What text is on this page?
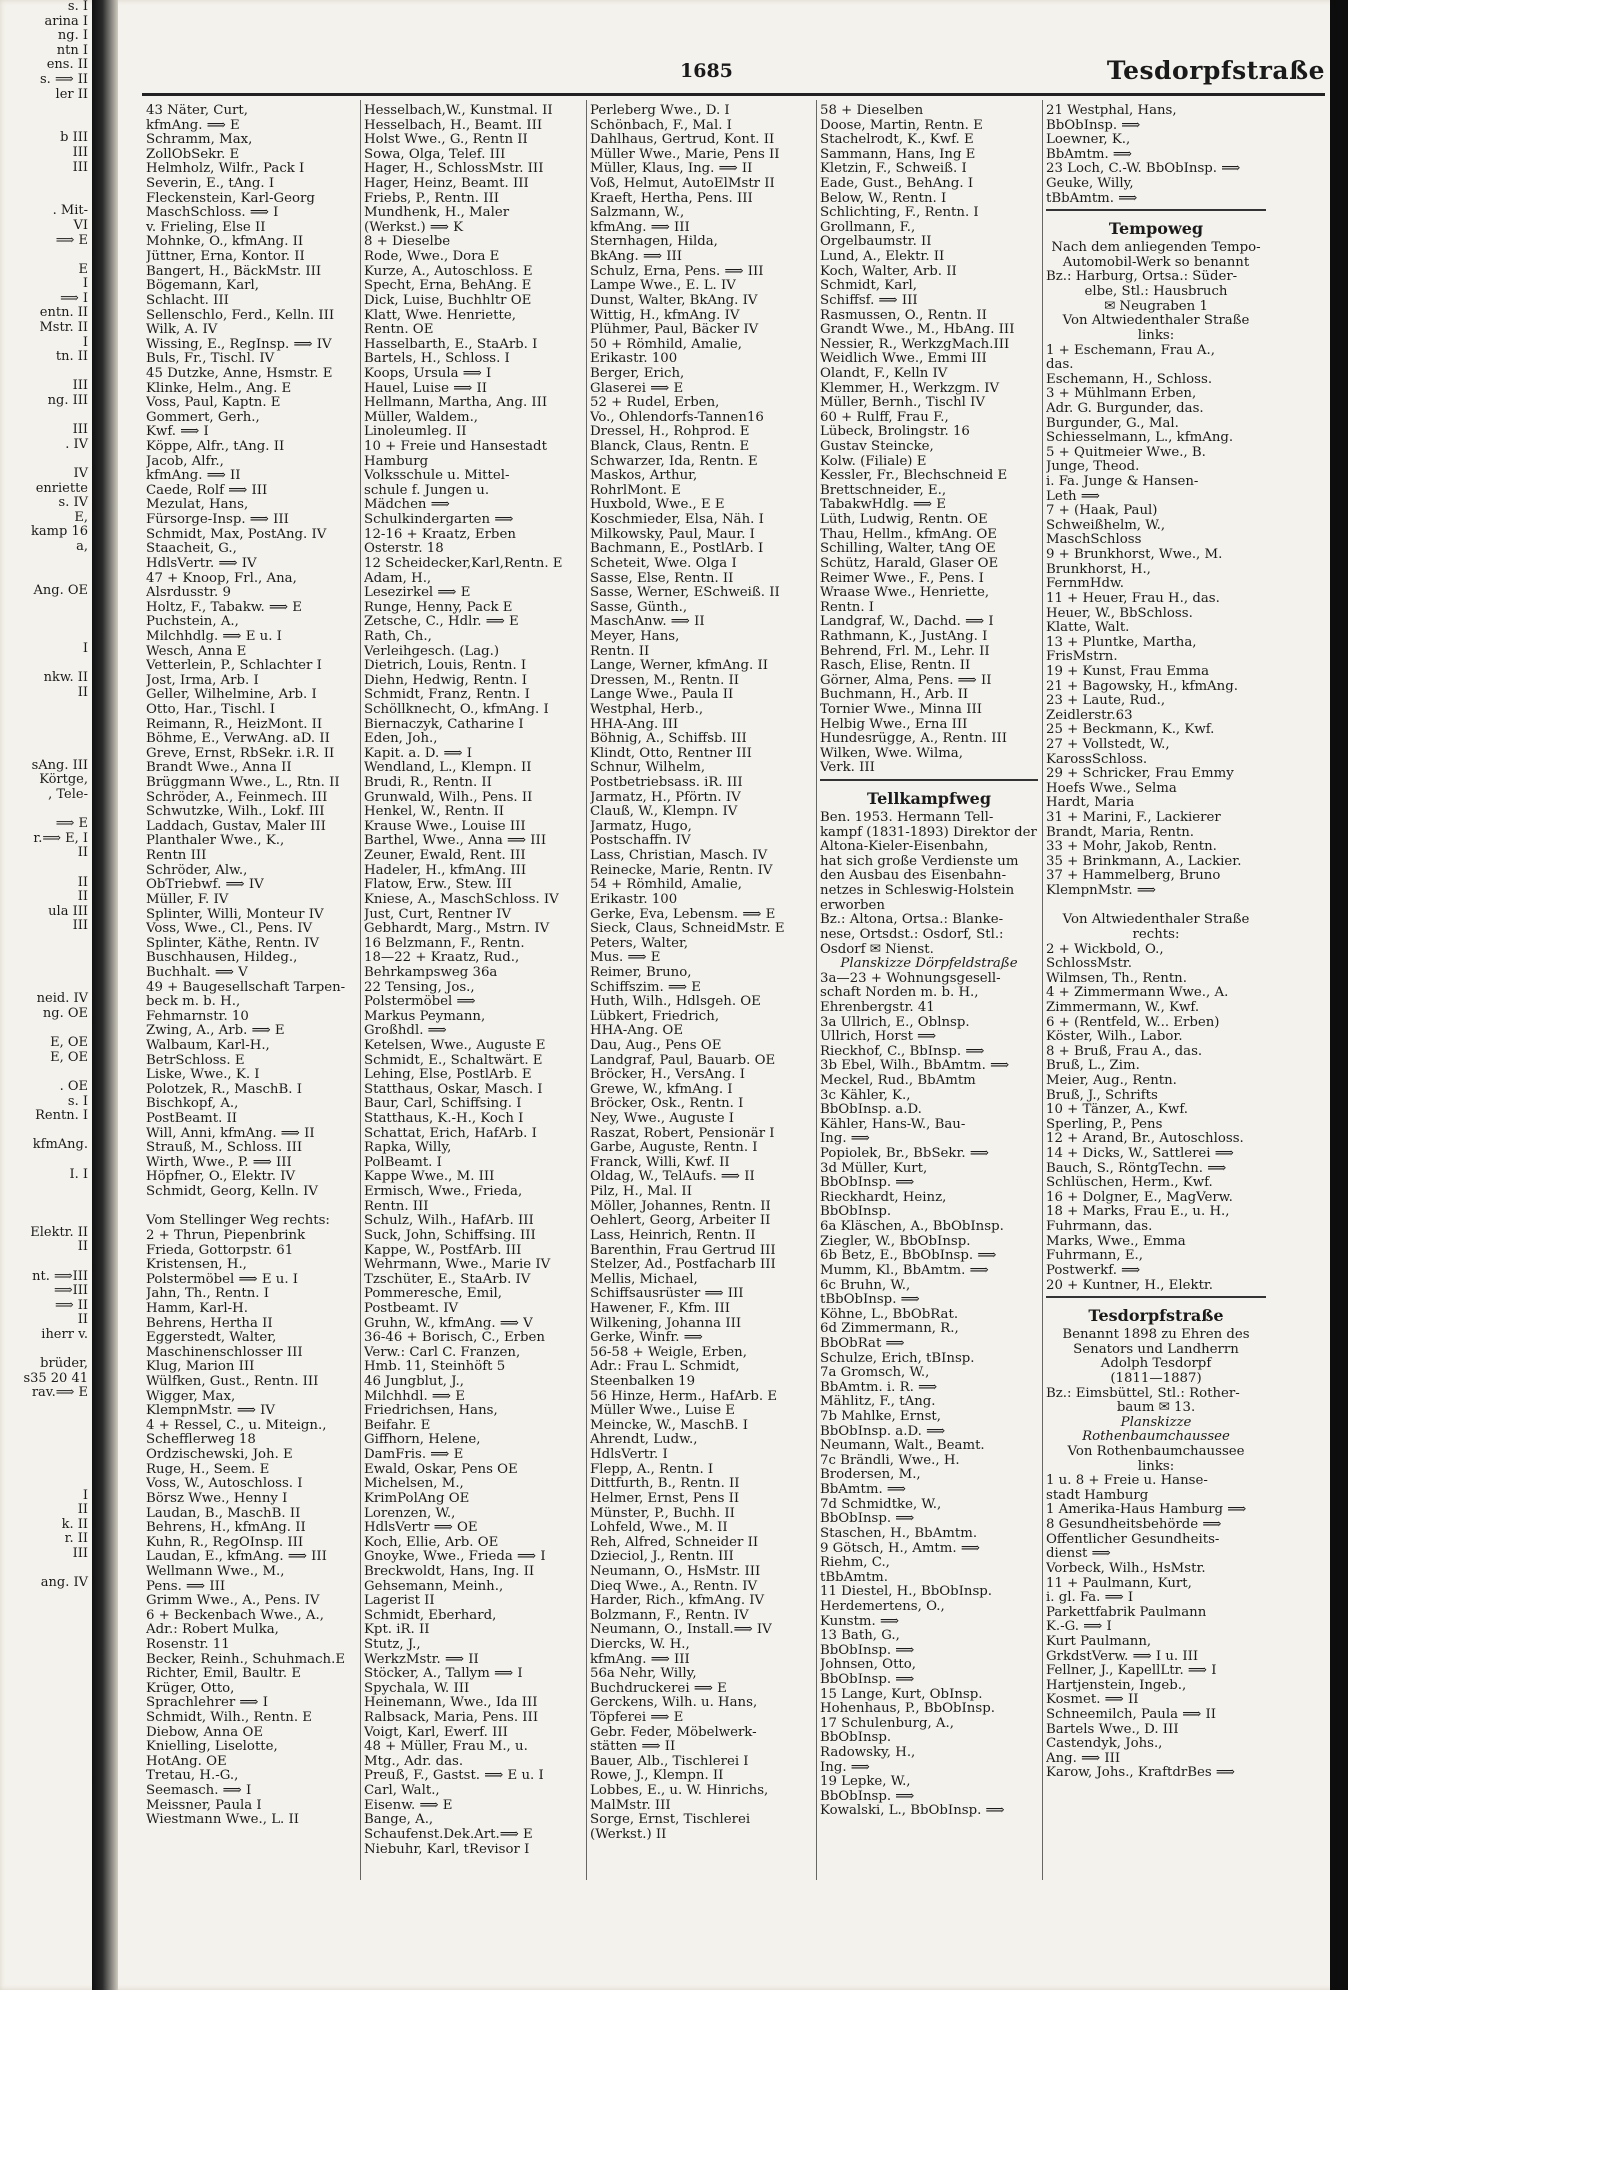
s. I
arina I
ng. I
ntn I
ens. II
s. ⟹ II
ler II
b III
III
III
. Mit-
VI
⟹ E
E
I
⟹ I
entn. II
Mstr. II
I
tn. II
III
ng. III
III
. IV
IV
enriette
s. IV
E,
kamp 16
a,
Ang. OE
I
nkw. II
II
sAng. III
Körtge,
, Tele-
⟹ E
r.⟹ E, I
II
II
II
ula III
III
neid. IV
ng. OE
E, OE
E, OE
. OE
s. I
Rentn. I
kfmAng.
I. I
Elektr. II
II
nt. ⟹III
⟹III
⟹ II
II
iherr v.
brüder,
s35 20 41
rav.⟹ E
I
II
k. II
r. II
III
ang. IV
1685	Tesdorpfstraße
43 Näter, Curt,
kfmAng. ⟹ E
Schramm, Max,
ZollObSekr. E
Helmholz, Wilfr., Pack I
Severin, E., tAng. I
Fleckenstein, Karl-Georg
MaschSchloss. ⟹ I
v. Frieling, Else II
Mohnke, O., kfmAng. II
Jüttner, Erna, Kontor. II
Bangert, H., BäckMstr. III
Bögemann, Karl,
Schlacht. III
Sellenschlo, Ferd., Kelln. III
Wilk, A. IV
Wissing, E., RegInsp. ⟹ IV
Buls, Fr., Tischl. IV
45 Dutzke, Anne, Hsmstr. E
Klinke, Helm., Ang. E
Voss, Paul, Kaptn. E
Gommert, Gerh.,
Kwf. ⟹ I
Köppe, Alfr., tAng. II
Jacob, Alfr.,
kfmAng. ⟹ II
Caede, Rolf ⟹ III
Mezulat, Hans,
Fürsorge-Insp. ⟹ III
Schmidt, Max, PostAng. IV
Staacheit, G.,
HdlsVertr. ⟹ IV
47 + Knoop, Frl., Ana,
Alsrdusstr. 9
Holtz, F., Tabakw. ⟹ E
Puchstein, A.,
Milchhdlg. ⟹ E u. I
Wesch, Anna E
Vetterlein, P., Schlachter I
Jost, Irma, Arb. I
Geller, Wilhelmine, Arb. I
Otto, Har., Tischl. I
Reimann, R., HeizMont. II
Böhme, E., VerwAng. aD. II
Greve, Ernst, RbSekr. i.R. II
Brandt Wwe., Anna II
Brüggmann Wwe., L., Rtn. II
Schröder, A., Feinmech. III
Schwutzke, Wilh., Lokf. III
Laddach, Gustav, Maler III
Planthaler Wwe., K.,
Rentn III
Schröder, Alw.,
ObTriebwf. ⟹ IV
Müller, F. IV
Splinter, Willi, Monteur IV
Voss, Wwe., Cl., Pens. IV
Splinter, Käthe, Rentn. IV
Buschhausen, Hildeg.,
Buchhalt. ⟹ V
49 + Baugesellschaft Tarpen-
beck m. b. H.,
Fehmarnstr. 10
Zwing, A., Arb. ⟹ E
Walbaum, Karl-H.,
BetrSchloss. E
Liske, Wwe., K. I
Polotzek, R., MaschB. I
Bischkopf, A.,
PostBeamt. II
Will, Anni, kfmAng. ⟹ II
Strauß, M., Schloss. III
Wirth, Wwe., P. ⟹ III
Höpfner, O., Elektr. IV
Schmidt, Georg, Kelln. IV
Vom Stellinger Weg rechts:
2 + Thrun, Piepenbrink
Frieda, Gottorpstr. 61
Kristensen, H.,
Polstermöbel ⟹ E u. I
Jahn, Th., Rentn. I
Hamm, Karl-H.
Behrens, Hertha II
Eggerstedt, Walter,
Maschinenschlosser III
Klug, Marion III
Wülfken, Gust., Rentn. III
Wigger, Max,
KlempnMstr. ⟹ IV
4 + Ressel, C., u. Miteign.,
Schefflerweg 18
Ordzischewski, Joh. E
Ruge, H., Seem. E
Voss, W., Autoschloss. I
Börsz Wwe., Henny I
Laudan, B., MaschB. II
Behrens, H., kfmAng. II
Kuhn, R., RegOInsp. III
Laudan, E., kfmAng. ⟹ III
Wellmann Wwe., M.,
Pens. ⟹ III
Grimm Wwe., A., Pens. IV
6 + Beckenbach Wwe., A.,
Adr.: Robert Mulka,
Rosenstr. 11
Becker, Reinh., Schuhmach.E
Richter, Emil, Baultr. E
Krüger, Otto,
Sprachlehrer ⟹ I
Schmidt, Wilh., Rentn. E
Diebow, Anna OE
Knielling, Liselotte,
HotAng. OE
Tretau, H.-G.,
Seemasch. ⟹ I
Meissner, Paula I
Wiestmann Wwe., L. II
Hesselbach,W., Kunstmal. II
Hesselbach, H., Beamt. III
Holst Wwe., G., Rentn II
Sowa, Olga, Telef. III
Hager, H., SchlossMstr. III
Hager, Heinz, Beamt. III
Friebs, P., Rentn. III
Mundhenk, H., Maler
(Werkst.) ⟹ K
8 + Dieselbe
Rode, Wwe., Dora E
Kurze, A., Autoschloss. E
Specht, Erna, BehAng. E
Dick, Luise, Buchhltr OE
Klatt, Wwe. Henriette,
Rentn. OE
Hasselbarth, E., StaArb. I
Bartels, H., Schloss. I
Koops, Ursula ⟹ I
Hauel, Luise ⟹ II
Hellmann, Martha, Ang. III
Müller, Waldem.,
Linoleumleg. II
10 + Freie und Hansestadt
Hamburg
Volksschule u. Mittel-
schule f. Jungen u.
Mädchen ⟹
Schulkindergarten ⟹
12-16 + Kraatz, Erben
Osterstr. 18
12 Scheidecker,Karl,Rentn. E
Adam, H.,
Lesezirkel ⟹ E
Runge, Henny, Pack E
Zetsche, C., Hdlr. ⟹ E
Rath, Ch.,
Verleihgesch. (Lag.)
Dietrich, Louis, Rentn. I
Diehn, Hedwig, Rentn. I
Schmidt, Franz, Rentn. I
Schöllknecht, O., kfmAng. I
Biernaczyk, Catharine I
Eden, Joh.,
Kapit. a. D. ⟹ I
Wendland, L., Klempn. II
Brudi, R., Rentn. II
Grunwald, Wilh., Pens. II
Henkel, W., Rentn. II
Krause Wwe., Louise III
Barthel, Wwe., Anna ⟹ III
Zeuner, Ewald, Rent. III
Hadeler, H., kfmAng. III
Flatow, Erw., Stew. III
Kniese, A., MaschSchloss. IV
Just, Curt, Rentner IV
Gebhardt, Marg., Mstrn. IV
16 Belzmann, F., Rentn.
18—22 + Kraatz, Rud.,
Behrkampsweg 36a
22 Tensing, Jos.,
Polstermöbel ⟹
Markus Peymann,
Großhdl. ⟹
Ketelsen, Wwe., Auguste E
Schmidt, E., Schaltwärt. E
Lehing, Else, PostlArb. E
Statthaus, Oskar, Masch. I
Baur, Carl, Schiffsing. I
Statthaus, K.-H., Koch I
Schattat, Erich, HafArb. I
Rapka, Willy,
PolBeamt. I
Kappe Wwe., M. III
Ermisch, Wwe., Frieda,
Rentn. III
Schulz, Wilh., HafArb. III
Suck, John, Schiffsing. III
Kappe, W., PostfArb. III
Wehrmann, Wwe., Marie IV
Tzschüter, E., StaArb. IV
Pommeresche, Emil,
Postbeamt. IV
Gruhn, W., kfmAng. ⟹ V
36-46 + Borisch, C., Erben
Verw.: Carl C. Franzen,
Hmb. 11, Steinhöft 5
46 Jungblut, J.,
Milchhdl. ⟹ E
Friedrichsen, Hans,
Beifahr. E
Giffhorn, Helene,
DamFris. ⟹ E
Ewald, Oskar, Pens OE
Michelsen, M.,
KrimPolAng OE
Lorenzen, W.,
HdlsVertr ⟹ OE
Koch, Ellie, Arb. OE
Gnoyke, Wwe., Frieda ⟹ I
Breckwoldt, Hans, Ing. II
Gehsemann, Meinh.,
Lagerist II
Schmidt, Eberhard,
Kpt. iR. II
Stutz, J.,
WerkzMstr. ⟹ II
Stöcker, A., Tallym ⟹ I
Spychala, W. III
Heinemann, Wwe., Ida III
Ralbsack, Maria, Pens. III
Voigt, Karl, Ewerf. III
48 + Müller, Frau M., u.
Mtg., Adr. das.
Preuß, F., Gastst. ⟹ E u. I
Carl, Walt.,
Eisenw. ⟹ E
Bange, A.,
Schaufenst.Dek.Art.⟹ E
Niebuhr, Karl, tRevisor I
Perleberg Wwe., D. I
Schönbach, F., Mal. I
Dahlhaus, Gertrud, Kont. II
Müller Wwe., Marie, Pens II
Müller, Klaus, Ing. ⟹ II
Voß, Helmut, AutoElMstr II
Kraeft, Hertha, Pens. III
Salzmann, W.,
kfmAng. ⟹ III
Sternhagen, Hilda,
BkAng. ⟹ III
Schulz, Erna, Pens. ⟹ III
Lampe Wwe., E. L. IV
Dunst, Walter, BkAng. IV
Wittig, H., kfmAng. IV
Plühmer, Paul, Bäcker IV
50 + Römhild, Amalie,
Erikastr. 100
Berger, Erich,
Glaserei ⟹ E
52 + Rudel, Erben,
Vo., Ohlendorfs-Tannen16
Dressel, H., Rohprod. E
Blanck, Claus, Rentn. E
Schwarzer, Ida, Rentn. E
Maskos, Arthur,
RohrlMont. E
Huxbold, Wwe., E E
Koschmieder, Elsa, Näh. I
Milkowsky, Paul, Maur. I
Bachmann, E., PostlArb. I
Scheteit, Wwe. Olga I
Sasse, Else, Rentn. II
Sasse, Werner, ESchweiß. II
Sasse, Günth.,
MaschAnw. ⟹ II
Meyer, Hans,
Rentn. II
Lange, Werner, kfmAng. II
Dressen, M., Rentn. II
Lange Wwe., Paula II
Westphal, Herb.,
HHA-Ang. III
Böhnig, A., Schiffsb. III
Klindt, Otto, Rentner III
Schnur, Wilhelm,
Postbetriebsass. iR. III
Jarmatz, H., Pförtn. IV
Clauß, W., Klempn. IV
Jarmatz, Hugo,
Postschaffn. IV
Lass, Christian, Masch. IV
Reinecke, Marie, Rentn. IV
54 + Römhild, Amalie,
Erikastr. 100
Gerke, Eva, Lebensm. ⟹ E
Sieck, Claus, SchneidMstr. E
Peters, Walter,
Mus. ⟹ E
Reimer, Bruno,
Schiffszim. ⟹ E
Huth, Wilh., Hdlsgeh. OE
Lübkert, Friedrich,
HHA-Ang. OE
Dau, Aug., Pens OE
Landgraf, Paul, Bauarb. OE
Bröcker, H., VersAng. I
Grewe, W., kfmAng. I
Bröcker, Osk., Rentn. I
Ney, Wwe., Auguste I
Raszat, Robert, Pensionär I
Garbe, Auguste, Rentn. I
Franck, Willi, Kwf. II
Oldag, W., TelAufs. ⟹ II
Pilz, H., Mal. II
Möller, Johannes, Rentn. II
Oehlert, Georg, Arbeiter II
Lass, Heinrich, Rentn. II
Barenthin, Frau Gertrud III
Stelzer, Ad., Postfacharb III
Mellis, Michael,
Schiffsausrüster ⟹ III
Hawener, F., Kfm. III
Wilkening, Johanna III
Gerke, Winfr. ⟹
56-58 + Weigle, Erben,
Adr.: Frau L. Schmidt,
Steenbalken 19
56 Hinze, Herm., HafArb. E
Müller Wwe., Luise E
Meincke, W., MaschB. I
Ahrendt, Ludw.,
HdlsVertr. I
Flepp, A., Rentn. I
Dittfurth, B., Rentn. II
Helmer, Ernst, Pens II
Münster, P., Buchh. II
Lohfeld, Wwe., M. II
Reh, Alfred, Schneider II
Dzieciol, J., Rentn. III
Neumann, O., HsMstr. III
Dieq Wwe., A., Rentn. IV
Harder, Rich., kfmAng. IV
Bolzmann, F., Rentn. IV
Neumann, O., Install.⟹ IV
Diercks, W. H.,
kfmAng. ⟹ III
56a Nehr, Willy,
Buchdruckerei ⟹ E
Gerckens, Wilh. u. Hans,
Töpferei ⟹ E
Gebr. Feder, Möbelwerk-
stätten ⟹ II
Bauer, Alb., Tischlerei I
Rowe, J., Klempn. II
Lobbes, E., u. W. Hinrichs,
MalMstr. III
Sorge, Ernst, Tischlerei
(Werkst.) II
58 + Dieselben
Doose, Martin, Rentn. E
Stachelrodt, K., Kwf. E
Sammann, Hans, Ing E
Kletzin, F., Schweiß. I
Eade, Gust., BehAng. I
Below, W., Rentn. I
Schlichting, F., Rentn. I
Grollmann, F.,
Orgelbaumstr. II
Lund, A., Elektr. II
Koch, Walter, Arb. II
Schmidt, Karl,
Schiffsf. ⟹ III
Rasmussen, O., Rentn. II
Grandt Wwe., M., HbAng. III
Nessier, R., WerkzgMach.III
Weidlich Wwe., Emmi III
Olandt, F., Kelln IV
Klemmer, H., Werkzgm. IV
Müller, Bernh., Tischl IV
60 + Rulff, Frau F.,
Lübeck, Brolingstr. 16
Gustav Steincke,
Kolw. (Filiale) E
Kessler, Fr., Blechschneid E
Brettschneider, E.,
TabakwHdlg. ⟹ E
Lüth, Ludwig, Rentn. OE
Thau, Hellm., kfmAng. OE
Schilling, Walter, tAng OE
Schütz, Harald, Glaser OE
Reimer Wwe., F., Pens. I
Wraase Wwe., Henriette,
Rentn. I
Landgraf, W., Dachd. ⟹ I
Rathmann, K., JustAng. I
Behrend, Frl. M., Lehr. II
Rasch, Elise, Rentn. II
Görner, Alma, Pens. ⟹ II
Buchmann, H., Arb. II
Tornier Wwe., Minna III
Helbig Wwe., Erna III
Hundesrügge, A., Rentn. III
Wilken, Wwe. Wilma,
Verk. III
Tellkampfweg
Ben. 1953. Hermann Tell-
kampf (1831-1893) Direktor der
Altona-Kieler-Eisenbahn,
hat sich große Verdienste um
den Ausbau des Eisenbahn-
netzes in Schleswig-Holstein
erworben
Bz.: Altona, Ortsa.: Blanke-
nese, Ortsdst.: Osdorf, Stl.:
Osdorf ✉ Nienst.
Planskizze Dörpfeldstraße
3a—23 + Wohnungsgesell-
schaft Norden m. b. H.,
Ehrenbergstr. 41
3a Ullrich, E., Oblnsp.
Ullrich, Horst ⟹
Rieckhof, C., BbInsp. ⟹
3b Ebel, Wilh., BbAmtm. ⟹
Meckel, Rud., BbAmtm
3c Kähler, K.,
BbObInsp. a.D.
Kähler, Hans-W., Bau-
Ing. ⟹
Popiolek, Br., BbSekr. ⟹
3d Müller, Kurt,
BbObInsp. ⟹
Rieckhardt, Heinz,
BbObInsp.
6a Kläschen, A., BbObInsp.
Ziegler, W., BbObInsp.
6b Betz, E., BbObInsp. ⟹
Mumm, Kl., BbAmtm. ⟹
6c Bruhn, W.,
tBbObInsp. ⟹
Köhne, L., BbObRat.
6d Zimmermann, R.,
BbObRat ⟹
Schulze, Erich, tBInsp.
7a Gromsch, W.,
BbAmtm. i. R. ⟹
Mählitz, F., tAng.
7b Mahlke, Ernst,
BbObInsp. a.D. ⟹
Neumann, Walt., Beamt.
7c Brändli, Wwe., H.
Brodersen, M.,
BbAmtm. ⟹
7d Schmidtke, W.,
BbObInsp. ⟹
Staschen, H., BbAmtm.
9 Götsch, H., Amtm. ⟹
Riehm, C.,
tBbAmtm.
11 Diestel, H., BbObInsp.
Herdemertens, O.,
Kunstm. ⟹
13 Bath, G.,
BbObInsp. ⟹
Johnsen, Otto,
BbObInsp. ⟹
15 Lange, Kurt, ObInsp.
Hohenhaus, P., BbObInsp.
17 Schulenburg, A.,
BbObInsp.
Radowsky, H.,
Ing. ⟹
19 Lepke, W.,
BbObInsp. ⟹
Kowalski, L., BbObInsp. ⟹
21 Westphal, Hans,
BbObInsp. ⟹
Loewner, K.,
BbAmtm. ⟹
23 Loch, C.-W. BbObInsp. ⟹
Geuke, Willy,
tBbAmtm. ⟹
Tempoweg
Nach dem anliegenden Tempo-
Automobil-Werk so benannt
Bz.: Harburg, Ortsa.: Süder-
elbe, Stl.: Hausbruch
✉ Neugraben 1
Von Altwiedenthaler Straße
links:
1 + Eschemann, Frau A.,
das.
Eschemann, H., Schloss.
3 + Mühlmann Erben,
Adr. G. Burgunder, das.
Burgunder, G., Mal.
Schiesselmann, L., kfmAng.
5 + Quitmeier Wwe., B.
Junge, Theod.
i. Fa. Junge & Hansen-
Leth ⟹
7 + (Haak, Paul)
Schweißhelm, W.,
MaschSchloss
9 + Brunkhorst, Wwe., M.
Brunkhorst, H.,
FernmHdw.
11 + Heuer, Frau H., das.
Heuer, W., BbSchloss.
Klatte, Walt.
13 + Pluntke, Martha,
FrisMstrn.
19 + Kunst, Frau Emma
21 + Bagowsky, H., kfmAng.
23 + Laute, Rud.,
Zeidlerstr.63
25 + Beckmann, K., Kwf.
27 + Vollstedt, W.,
KarossSchloss.
29 + Schricker, Frau Emmy
Hoefs Wwe., Selma
Hardt, Maria
31 + Marini, F., Lackierer
Brandt, Maria, Rentn.
33 + Mohr, Jakob, Rentn.
35 + Brinkmann, A., Lackier.
37 + Hammelberg, Bruno
KlempnMstr. ⟹
Von Altwiedenthaler Straße
rechts:
2 + Wickbold, O.,
SchlossMstr.
Wilmsen, Th., Rentn.
4 + Zimmermann Wwe., A.
Zimmermann, W., Kwf.
6 + (Rentfeld, W... Erben)
Köster, Wilh., Labor.
8 + Bruß, Frau A., das.
Bruß, L., Zim.
Meier, Aug., Rentn.
Bruß, J., Schrifts
10 + Tänzer, A., Kwf.
Sperling, P., Pens
12 + Arand, Br., Autoschloss.
14 + Dicks, W., Sattlerei ⟹
Bauch, S., RöntgTechn. ⟹
Schlüschen, Herm., Kwf.
16 + Dolgner, E., MagVerw.
18 + Marks, Frau E., u. H.,
Fuhrmann, das.
Marks, Wwe., Emma
Fuhrmann, E.,
Postwerkf. ⟹
20 + Kuntner, H., Elektr.
Tesdorpfstraße
Benannt 1898 zu Ehren des
Senators und Landherrn
Adolph Tesdorpf
(1811—1887)
Bz.: Eimsbüttel, Stl.: Rother-
baum ✉ 13.
Planskizze
Rothenbaumchaussee
Von Rothenbaumchaussee
links:
1 u. 8 + Freie u. Hanse-
stadt Hamburg
1 Amerika-Haus Hamburg ⟹
8 Gesundheitsbehörde ⟹
Öffentlicher Gesundheits-
dienst ⟹
Vorbeck, Wilh., HsMstr.
11 + Paulmann, Kurt,
i. gl. Fa. ⟹ I
Parkettfabrik Paulmann
K.-G. ⟹ I
Kurt Paulmann,
GrkdstVerw. ⟹ I u. III
Fellner, J., KapellLtr. ⟹ I
Hartjenstein, Ingeb.,
Kosmet. ⟹ II
Schneemilch, Paula ⟹ II
Bartels Wwe., D. III
Castendyk, Johs.,
Ang. ⟹ III
Karow, Johs., KraftdrBes ⟹
